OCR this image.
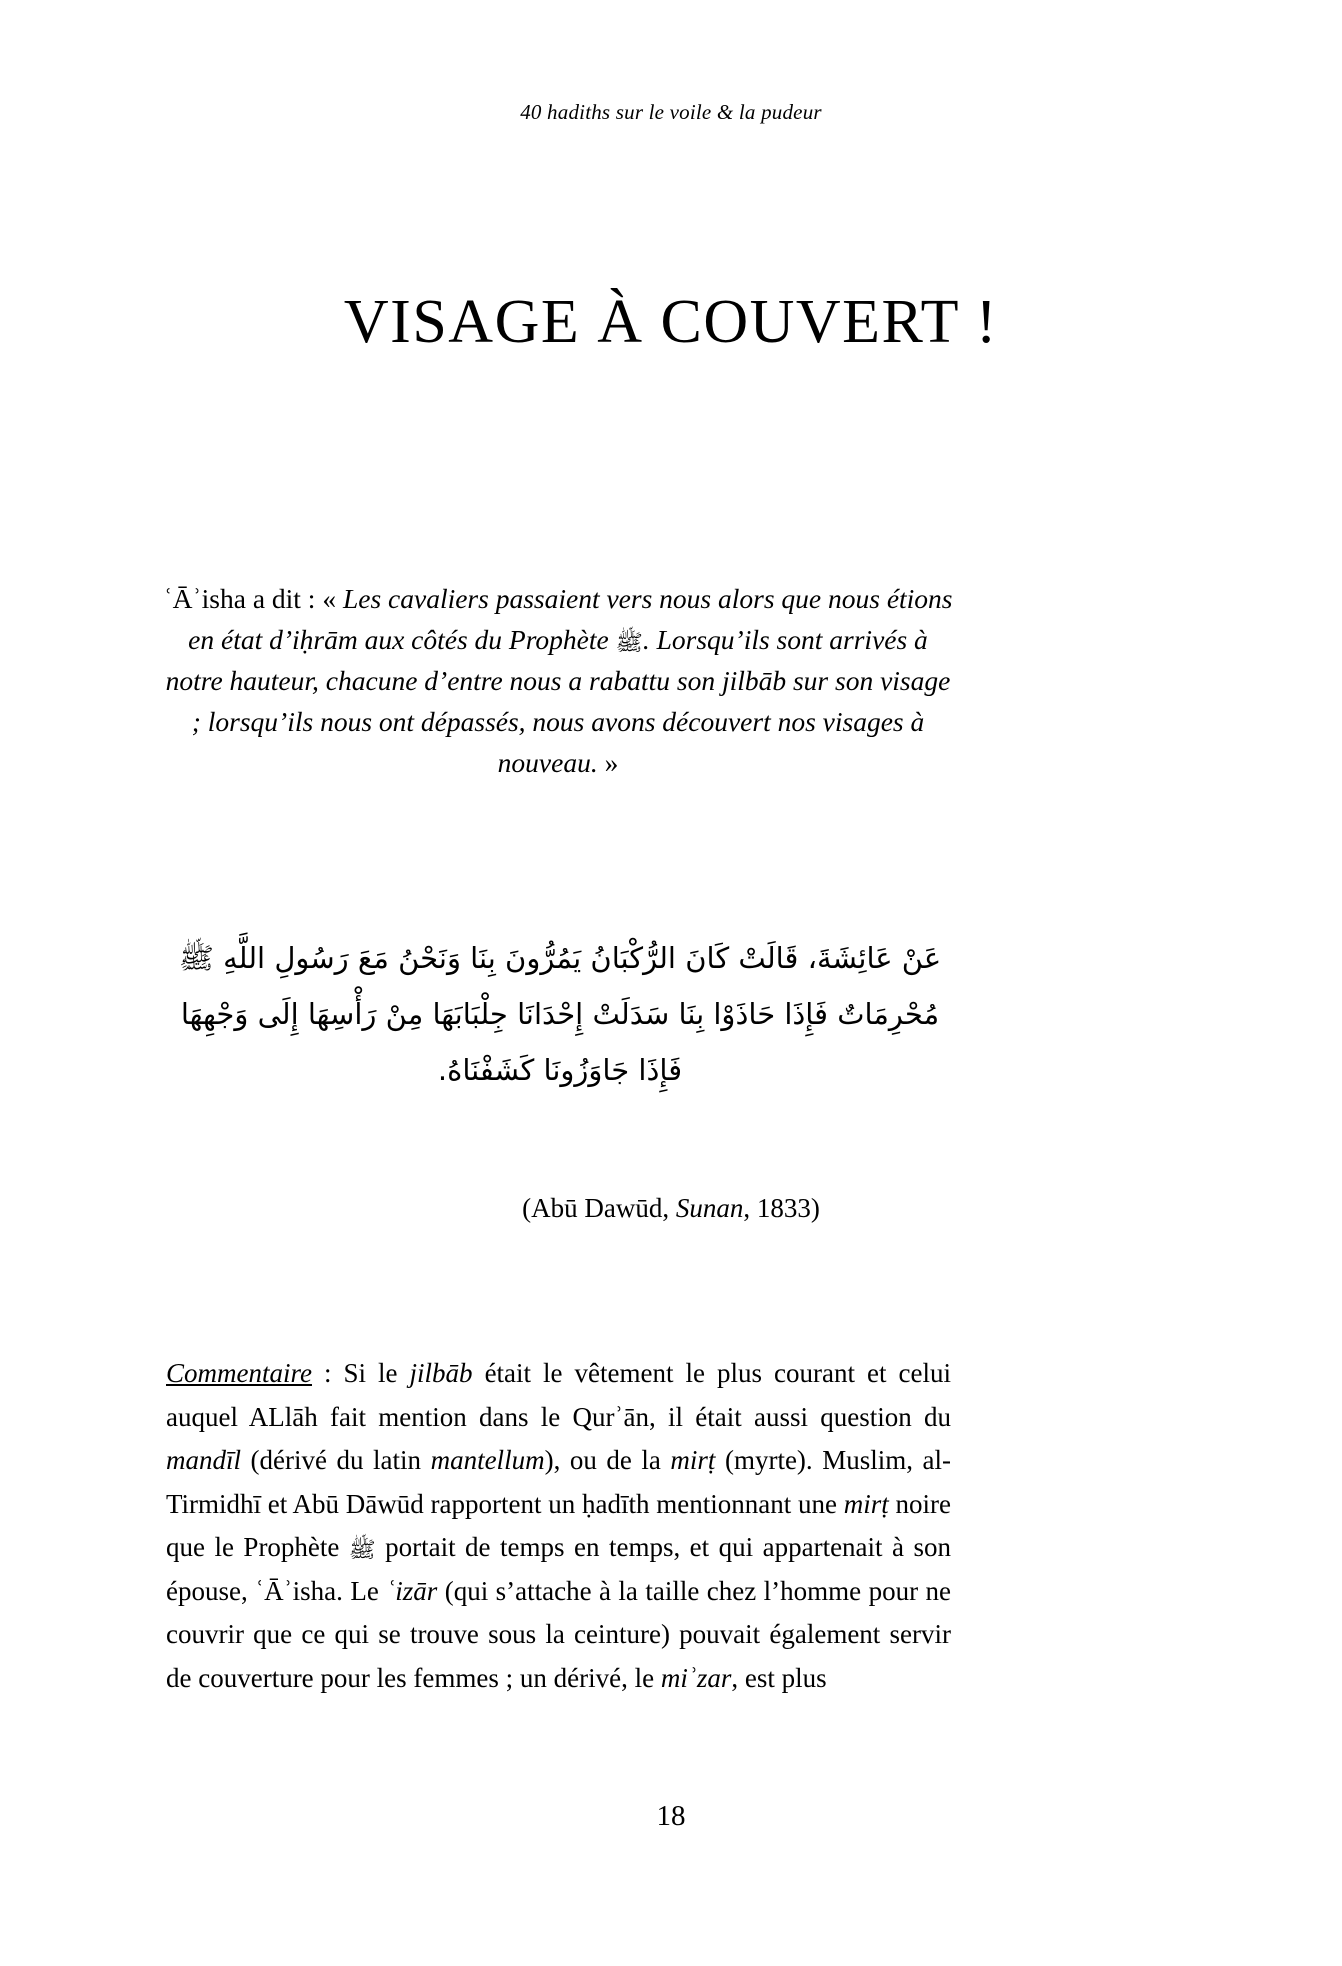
40 hadiths sur le voile & la pudeur
VISAGE À COUVERT !
ʿĀʾisha a dit : « Les cavaliers passaient vers nous alors que nous étions en état d’iḥrām aux côtés du Prophète ﷺ. Lorsqu’ils sont arrivés à notre hauteur, chacune d’entre nous a rabattu son jilbāb sur son visage ; lorsqu’ils nous ont dépassés, nous avons découvert nos visages à nouveau. »
عَنْ عَائِشَةَ، قَالَتْ كَانَ الرُّكْبَانُ يَمُرُّونَ بِنَا وَنَحْنُ مَعَ رَسُولِ اللَّهِ ﷺ
مُحْرِمَاتٌ فَإِذَا حَاذَوْا بِنَا سَدَلَتْ إِحْدَانَا جِلْبَابَهَا مِنْ رَأْسِهَا إِلَى وَجْهِهَا
فَإِذَا جَاوَزُونَا كَشَفْنَاهُ.
(Abū Dawūd, Sunan, 1833)

Commentaire : Si le jilbāb était le vêtement le plus courant et celui auquel ALlāh fait mention dans le Qurʾān, il était aussi question du mandīl (dérivé du latin mantellum), ou de la mirṭ (myrte). Muslim, al-Tirmidhī et Abū Dāwūd rapportent un ḥadīth mentionnant une mirṭ noire que le Prophète ﷺ portait de temps en temps, et qui appartenait à son épouse, ʿĀʾisha. Le ʿizār (qui s’attache à la taille chez l’homme pour ne couvrir que ce qui se trouve sous la ceinture) pouvait également servir de couverture pour les femmes ; un dérivé, le miʾzar, est plus

18
